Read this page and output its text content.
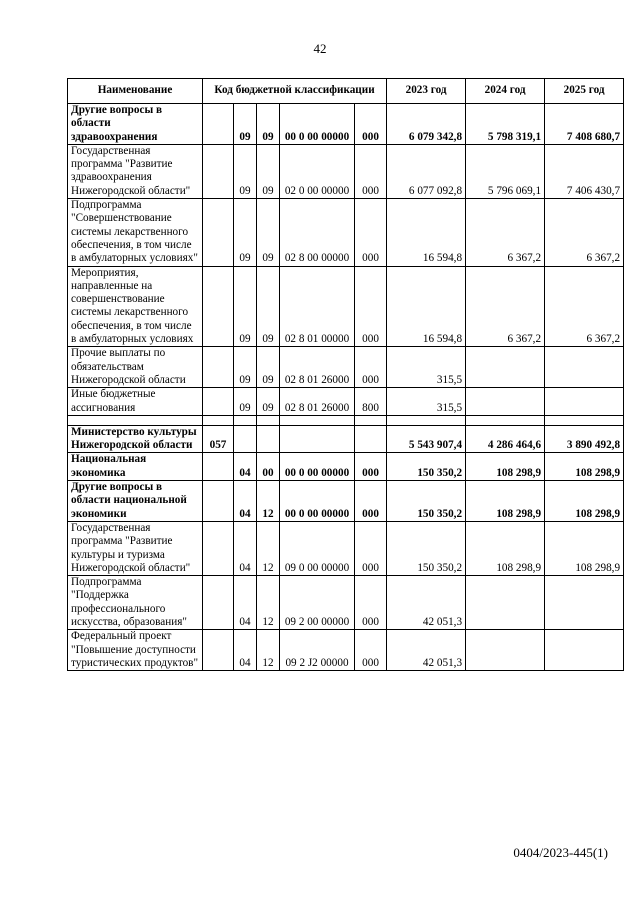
42
Наименование	Код бюджетной классификации					2023 год	2024 год	2025 год
Другие вопросы в области здравоохранения		09	09	00 0 00 00000	000	6 079 342,8	5 798 319,1	7 408 680,7
Государственная программа "Развитие здравоохранения Нижегородской области"		09	09	02 0 00 00000	000	6 077 092,8	5 796 069,1	7 406 430,7
Подпрограмма "Совершенствование системы лекарственного обеспечения, в том числе в амбулаторных условиях"		09	09	02 8 00 00000	000	16 594,8	6 367,2	6 367,2
Мероприятия, направленные на совершенствование системы лекарственного обеспечения, в том числе в амбулаторных условиях		09	09	02 8 01 00000	000	16 594,8	6 367,2	6 367,2
Прочие выплаты по обязательствам Нижегородской области		09	09	02 8 01 26000	000	315,5		
Иные бюджетные ассигнования		09	09	02 8 01 26000	800	315,5		

Министерство культуры Нижегородской области	057					5 543 907,4	4 286 464,6	3 890 492,8
Национальная экономика		04	00	00 0 00 00000	000	150 350,2	108 298,9	108 298,9
Другие вопросы в области национальной экономики		04	12	00 0 00 00000	000	150 350,2	108 298,9	108 298,9
Государственная программа "Развитие культуры и туризма Нижегородской области"		04	12	09 0 00 00000	000	150 350,2	108 298,9	108 298,9
Подпрограмма "Поддержка профессионального искусства, образования"		04	12	09 2 00 00000	000	42 051,3		
Федеральный проект "Повышение доступности туристических продуктов"		04	12	09 2 J2 00000	000	42 051,3		
0404/2023-445(1)
